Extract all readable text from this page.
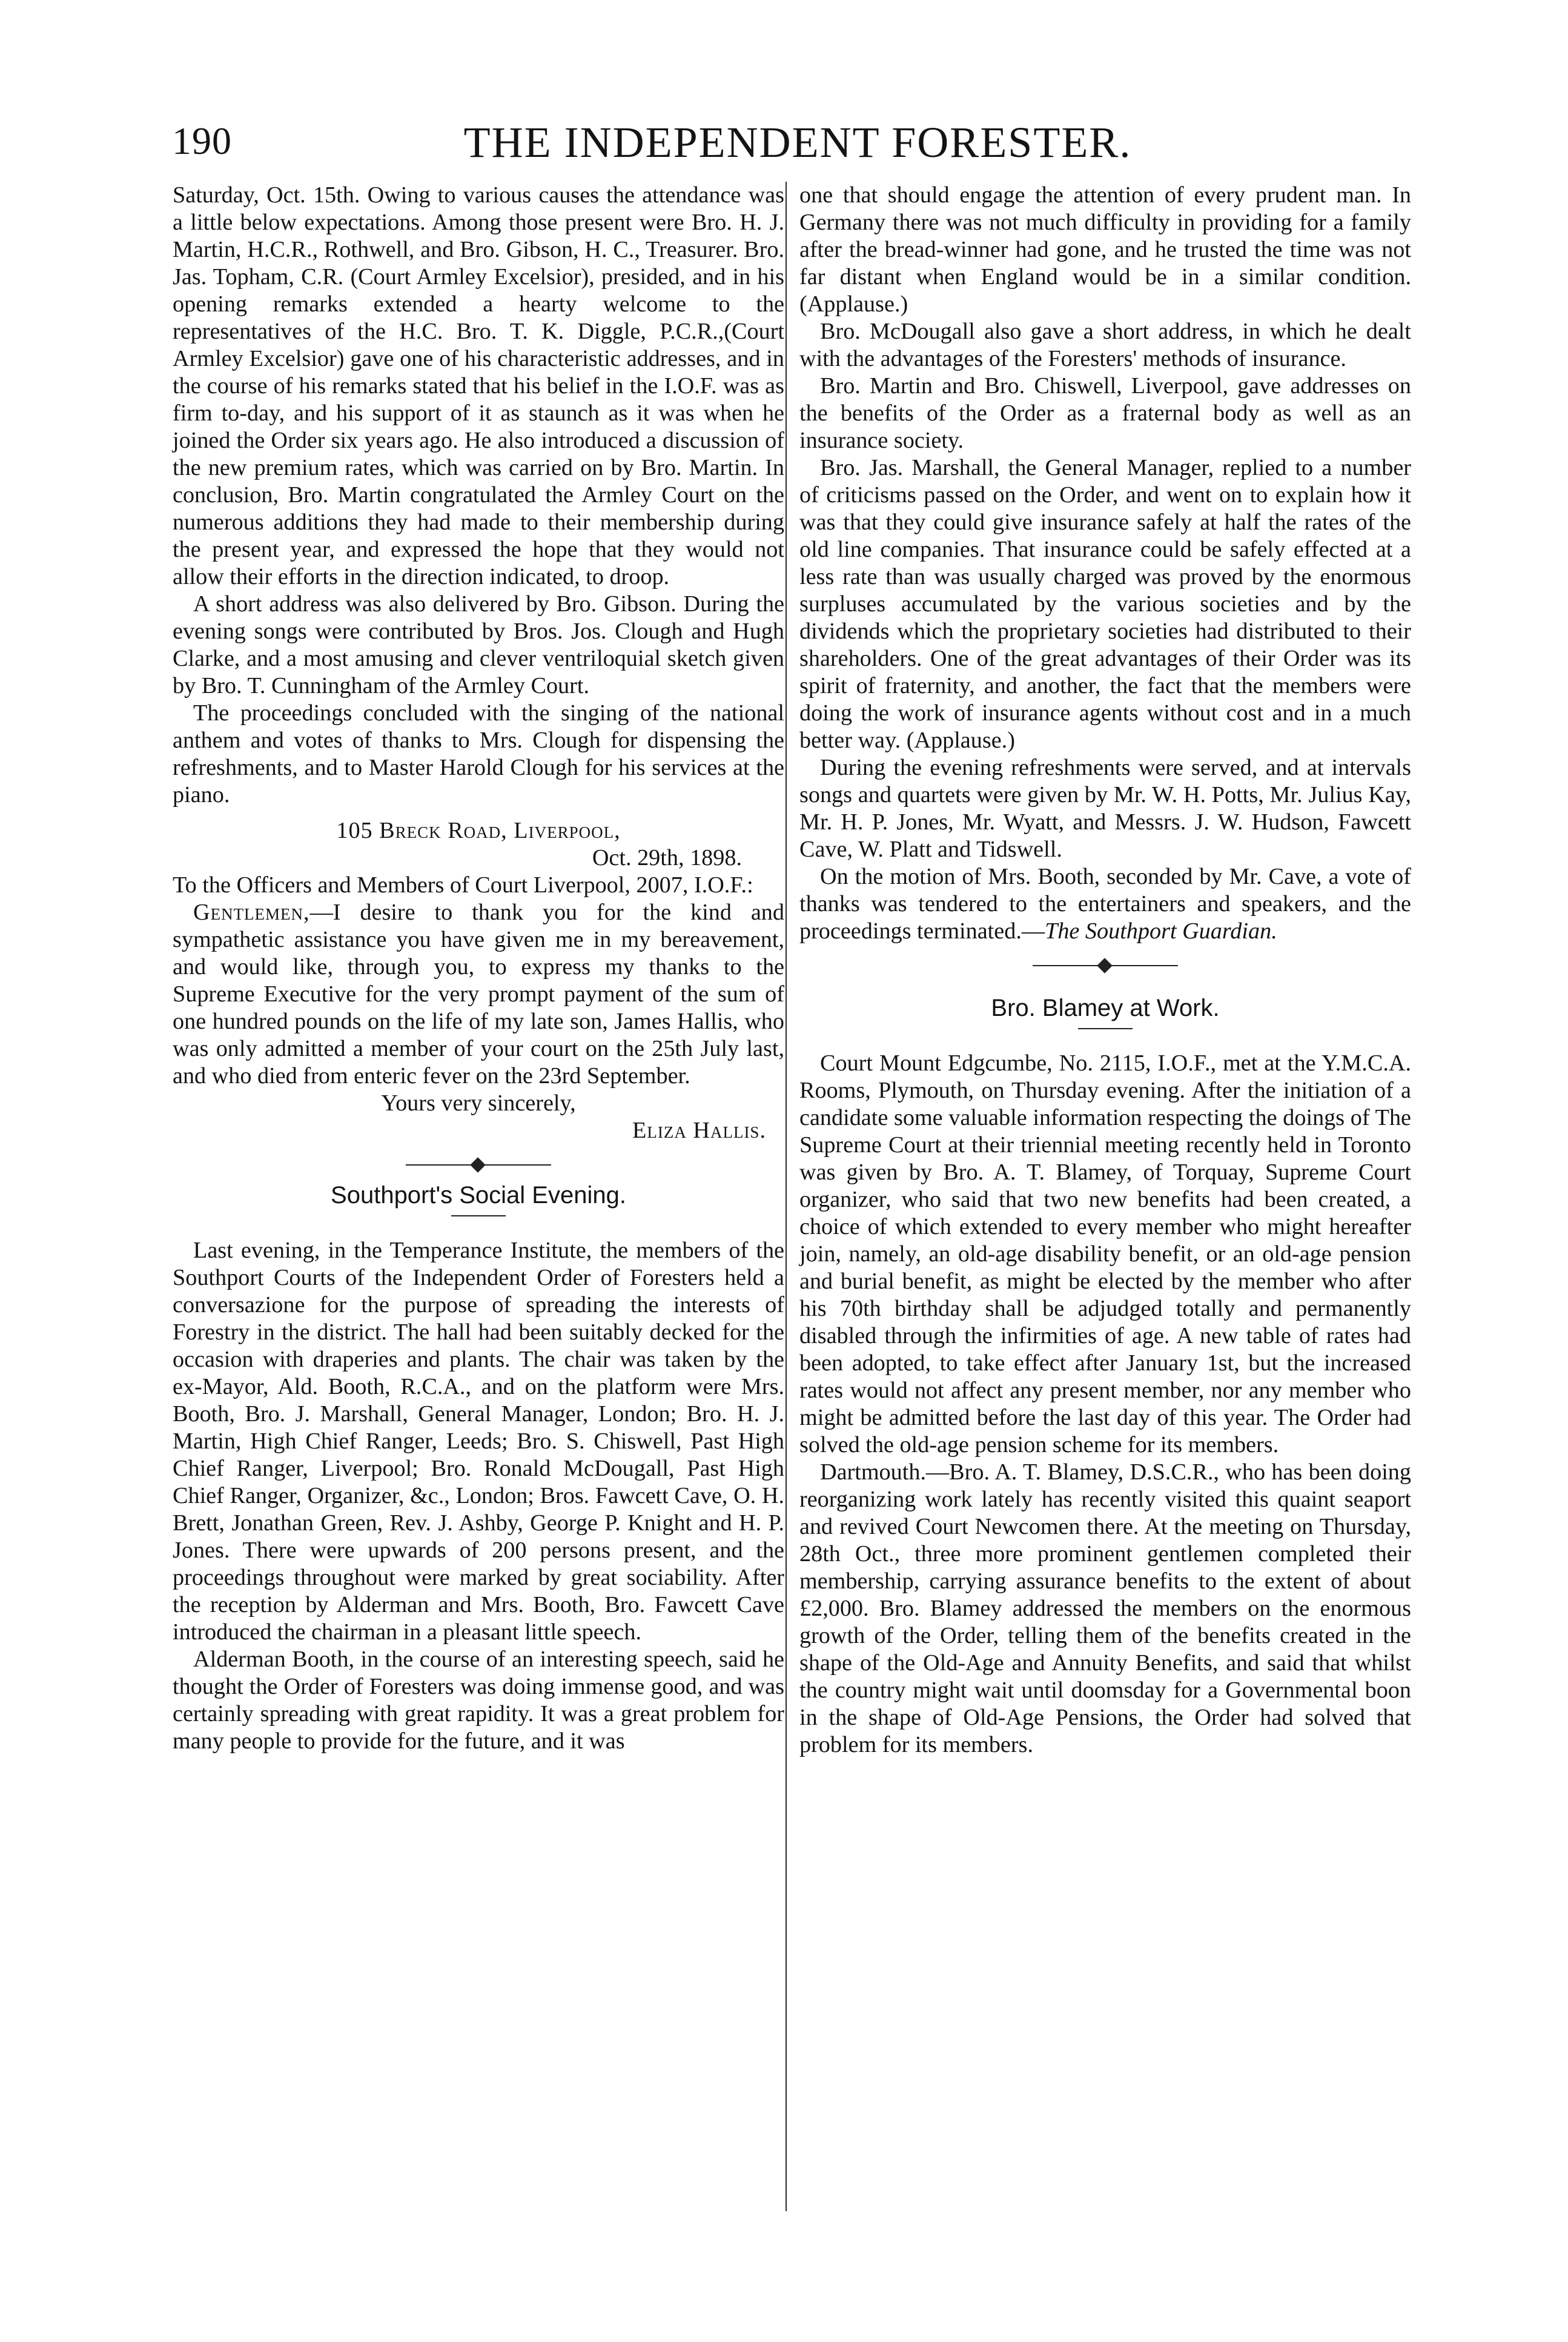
190	THE INDEPENDENT FORESTER.

Saturday, Oct. 15th. Owing to various causes the attendance was a little below expectations. Among those present were Bro. H. J. Martin, H.C.R., Rothwell, and Bro. Gibson, H. C., Treasurer. Bro. Jas. Topham, C.R. (Court Armley Excelsior), presided, and in his opening remarks extended a hearty welcome to the representatives of the H.C. Bro. T. K. Diggle, P.C.R.,(Court Armley Excelsior) gave one of his characteristic addresses, and in the course of his remarks stated that his belief in the I.O.F. was as firm to-day, and his support of it as staunch as it was when he joined the Order six years ago. He also introduced a discussion of the new premium rates, which was carried on by Bro. Martin. In conclusion, Bro. Martin congratulated the Armley Court on the numerous additions they had made to their membership during the present year, and expressed the hope that they would not allow their efforts in the direction indicated, to droop.

A short address was also delivered by Bro. Gibson. During the evening songs were contributed by Bros. Jos. Clough and Hugh Clarke, and a most amusing and clever ventriloquial sketch given by Bro. T. Cunningham of the Armley Court.

The proceedings concluded with the singing of the national anthem and votes of thanks to Mrs. Clough for dispensing the refreshments, and to Master Harold Clough for his services at the piano.

105 Breck Road, Liverpool,

Oct. 29th, 1898.

To the Officers and Members of Court Liverpool, 2007, I.O.F.:

Gentlemen,—I desire to thank you for the kind and sympathetic assistance you have given me in my bereavement, and would like, through you, to express my thanks to the Supreme Executive for the very prompt payment of the sum of one hundred pounds on the life of my late son, James Hallis, who was only admitted a member of your court on the 25th July last, and who died from enteric fever on the 23rd September.

Yours very sincerely,

Eliza Hallis.

Southport's Social Evening.

Last evening, in the Temperance Institute, the members of the Southport Courts of the Independent Order of Foresters held a conversazione for the purpose of spreading the interests of Forestry in the district. The hall had been suitably decked for the occasion with draperies and plants. The chair was taken by the ex-Mayor, Ald. Booth, R.C.A., and on the platform were Mrs. Booth, Bro. J. Marshall, General Manager, London; Bro. H. J. Martin, High Chief Ranger, Leeds; Bro. S. Chiswell, Past High Chief Ranger, Liverpool; Bro. Ronald McDougall, Past High Chief Ranger, Organizer, &c., London; Bros. Fawcett Cave, O. H. Brett, Jonathan Green, Rev. J. Ashby, George P. Knight and H. P. Jones. There were upwards of 200 persons present, and the proceedings throughout were marked by great sociability. After the reception by Alderman and Mrs. Booth, Bro. Fawcett Cave introduced the chairman in a pleasant little speech.

Alderman Booth, in the course of an interesting speech, said he thought the Order of Foresters was doing immense good, and was certainly spreading with great rapidity. It was a great problem for many people to provide for the future, and it was

one that should engage the attention of every prudent man. In Germany there was not much difficulty in providing for a family after the bread-winner had gone, and he trusted the time was not far distant when England would be in a similar condition. (Applause.)

Bro. McDougall also gave a short address, in which he dealt with the advantages of the Foresters' methods of insurance.

Bro. Martin and Bro. Chiswell, Liverpool, gave addresses on the benefits of the Order as a fraternal body as well as an insurance society.

Bro. Jas. Marshall, the General Manager, replied to a number of criticisms passed on the Order, and went on to explain how it was that they could give insurance safely at half the rates of the old line companies. That insurance could be safely effected at a less rate than was usually charged was proved by the enormous surpluses accumulated by the various societies and by the dividends which the proprietary societies had distributed to their shareholders. One of the great advantages of their Order was its spirit of fraternity, and another, the fact that the members were doing the work of insurance agents without cost and in a much better way. (Applause.)

During the evening refreshments were served, and at intervals songs and quartets were given by Mr. W. H. Potts, Mr. Julius Kay, Mr. H. P. Jones, Mr. Wyatt, and Messrs. J. W. Hudson, Fawcett Cave, W. Platt and Tidswell.

On the motion of Mrs. Booth, seconded by Mr. Cave, a vote of thanks was tendered to the entertainers and speakers, and the proceedings terminated.—The Southport Guardian.

Bro. Blamey at Work.

Court Mount Edgcumbe, No. 2115, I.O.F., met at the Y.M.C.A. Rooms, Plymouth, on Thursday evening. After the initiation of a candidate some valuable information respecting the doings of The Supreme Court at their triennial meeting recently held in Toronto was given by Bro. A. T. Blamey, of Torquay, Supreme Court organizer, who said that two new benefits had been created, a choice of which extended to every member who might hereafter join, namely, an old-age disability benefit, or an old-age pension and burial benefit, as might be elected by the member who after his 70th birthday shall be adjudged totally and permanently disabled through the infirmities of age. A new table of rates had been adopted, to take effect after January 1st, but the increased rates would not affect any present member, nor any member who might be admitted before the last day of this year. The Order had solved the old-age pension scheme for its members.

Dartmouth.—Bro. A. T. Blamey, D.S.C.R., who has been doing reorganizing work lately has recently visited this quaint seaport and revived Court Newcomen there. At the meeting on Thursday, 28th Oct., three more prominent gentlemen completed their membership, carrying assurance benefits to the extent of about £2,000. Bro. Blamey addressed the members on the enormous growth of the Order, telling them of the benefits created in the shape of the Old-Age and Annuity Benefits, and said that whilst the country might wait until doomsday for a Governmental boon in the shape of Old-Age Pensions, the Order had solved that problem for its members.
